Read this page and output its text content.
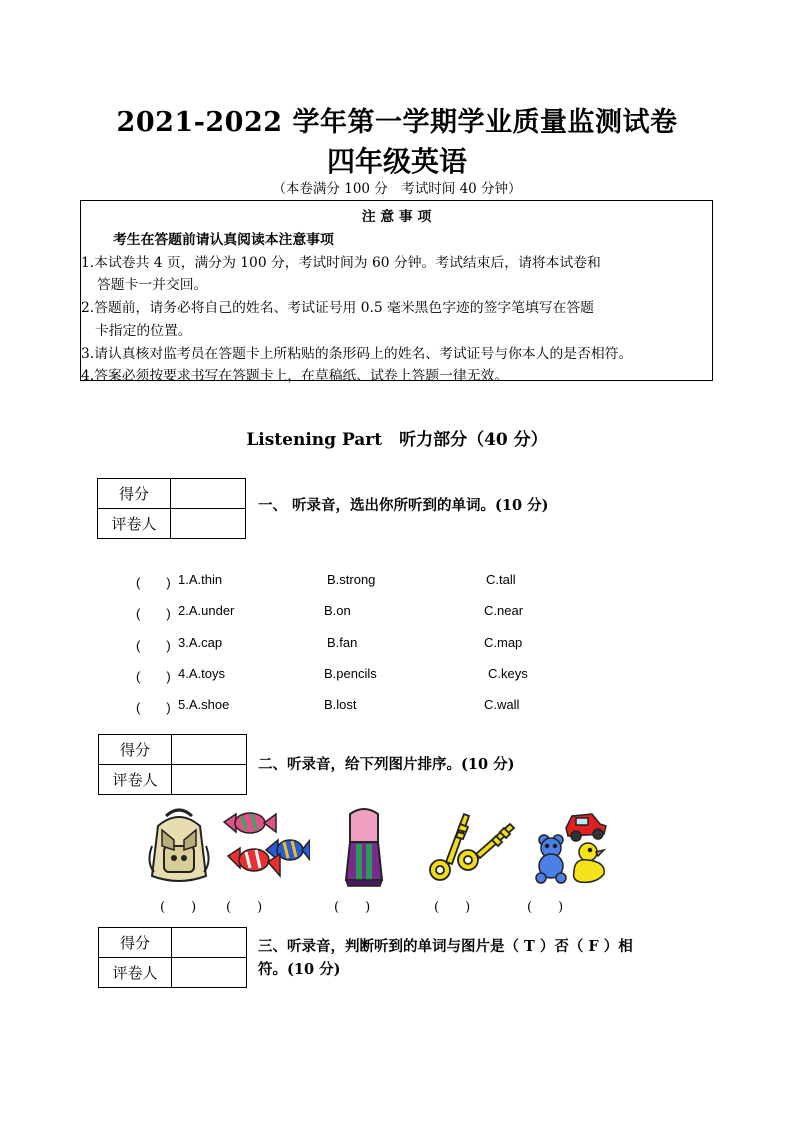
2021-2022 学年第一学期学业质量监测试卷
四年级英语
（本卷满分 100 分　考试时间 40 分钟）
注 意 事 项
考生在答题前请认真阅读本注意事项
1.本试卷共 4 页，满分为 100 分，考试时间为 60 分钟。考试结束后，请将本试卷和
答题卡一并交回。
2.答题前，请务必将自己的姓名、考试证号用 0.5 毫米黑色字迹的签字笔填写在答题
卡指定的位置。
3.请认真核对监考员在答题卡上所粘贴的条形码上的姓名、考试证号与你本人的是否相符。
4.答案必须按要求书写在答题卡上，在草稿纸、试卷上答题一律无效。
Listening Part　听力部分（40 分）
得分	
评卷人	
一、 听录音，选出你所听到的单词。(10 分)
(　　) 1.A.thin	B.strong	C.tall
(　　) 2.A.under	B.on	C.near
(　　) 3.A.cap	B.fan	C.map
(　　) 4.A.toys	B.pencils	C.keys
(　　) 5.A.shoe	B.lost	C.wall
得分	
评卷人	
二、听录音，给下列图片排序。(10 分)
(　　) (　　)	(　　)	(　　)	(　　)
得分	
评卷人	
三、听录音，判断听到的单词与图片是（ T ）否（ F ）相
符。(10 分)
